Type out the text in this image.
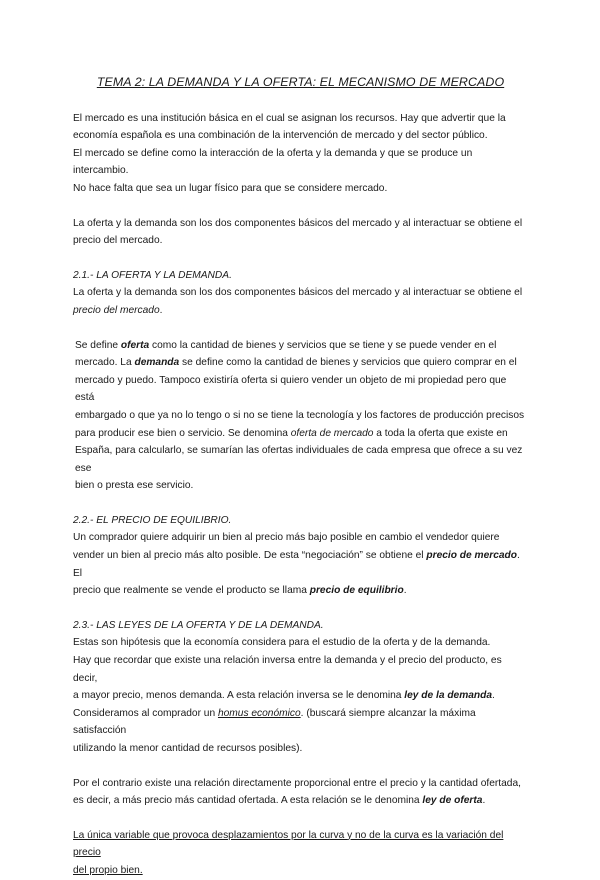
TEMA 2: LA DEMANDA Y LA OFERTA: EL MECANISMO DE MERCADO

El mercado es una institución básica en el cual se asignan los recursos. Hay que advertir que la

economía española es una combinación de la intervención de mercado y del sector público.

El mercado se define como la interacción de la oferta y la demanda y que se produce un intercambio.

No hace falta que sea un lugar físico para que se considere mercado.

La oferta y la demanda son los dos componentes básicos del mercado y al interactuar se obtiene el

precio del mercado.

2.1.- LA OFERTA Y LA DEMANDA.

La oferta y la demanda son los dos componentes básicos del mercado y al interactuar se obtiene el

precio del mercado.

Se define oferta como la cantidad de bienes y servicios que se tiene y se puede vender en el

mercado. La demanda se define como la cantidad de bienes y servicios que quiero comprar en el

mercado y puedo. Tampoco existiría oferta si quiero vender un objeto de mi propiedad pero que está

embargado o que ya no lo tengo o si no se tiene la tecnología y los factores de producción precisos

para producir ese bien o servicio. Se denomina oferta de mercado a toda la oferta que existe en

España, para calcularlo, se sumarían las ofertas individuales de cada empresa que ofrece a su vez ese

bien o presta ese servicio.

2.2.- EL PRECIO DE EQUILIBRIO.

Un comprador quiere adquirir un bien al precio más bajo posible en cambio el vendedor quiere

vender un bien al precio más alto posible. De esta “negociación” se obtiene el precio de mercado. El

precio que realmente se vende el producto se llama precio de equilibrio.

2.3.- LAS LEYES DE LA OFERTA Y DE LA DEMANDA.

Estas son hipótesis que la economía considera para el estudio de la oferta y de la demanda.

Hay que recordar que existe una relación inversa entre la demanda y el precio del producto, es decir,

a mayor precio, menos demanda. A esta relación inversa se le denomina ley de la demanda.

Consideramos al comprador un homus económico. (buscará siempre alcanzar la máxima satisfacción

utilizando la menor cantidad de recursos posibles).

Por el contrario existe una relación directamente proporcional entre el precio y la cantidad ofertada,

es decir, a más precio más cantidad ofertada. A esta relación se le denomina ley de oferta.

La única variable que provoca desplazamientos por la curva y no de la curva es la variación del precio

del propio bien.
